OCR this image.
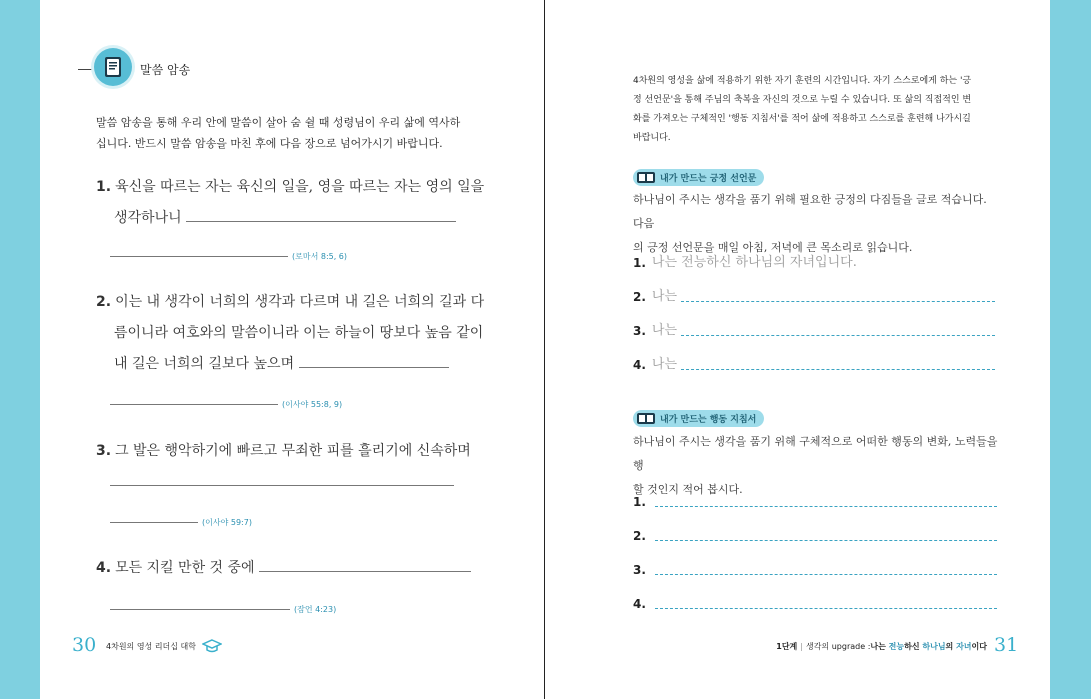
말씀 암송
말씀 암송을 통해 우리 안에 말씀이 살아 숨 쉴 때 성령님이 우리 삶에 역사하
십니다. 반드시 말씀 암송을 마친 후에 다음 장으로 넘어가시기 바랍니다.
1. 육신을 따르는 자는 육신의 일을, 영을 따르는 자는 영의 일을
생각하나니
(로마서 8:5, 6)
2. 이는 내 생각이 너희의 생각과 다르며 내 길은 너희의 길과 다
름이니라 여호와의 말씀이니라 이는 하늘이 땅보다 높음 같이
내 길은 너희의 길보다 높으며
(이사야 55:8, 9)
3. 그 발은 행악하기에 빠르고 무죄한 피를 흘리기에 신속하며
(이사야 59:7)
4. 모든 지킬 만한 것 중에
(잠언 4:23)
30 4차원의 영성 리더십 대학
4차원의 영성을 삶에 적용하기 위한 자기 훈련의 시간입니다. 자기 스스로에게 하는 '긍
정 선언문'을 통해 주님의 축복을 자신의 것으로 누릴 수 있습니다. 또 삶의 직접적인 변
화를 가져오는 구체적인 '행동 지침서'를 적어 삶에 적용하고 스스로를 훈련해 나가시길
바랍니다.
내가 만드는 긍정 선언문
하나님이 주시는 생각을 품기 위해 필요한 긍정의 다짐들을 글로 적습니다. 다음
의 긍정 선언문을 매일 아침, 저녁에 큰 목소리로 읽습니다.
1. 나는 전능하신 하나님의 자녀입니다.
2. 나는
3. 나는
4. 나는
내가 만드는 행동 지침서
하나님이 주시는 생각을 품기 위해 구체적으로 어떠한 행동의 변화, 노력들을 행
할 것인지 적어 봅시다.
1.
2.
3.
4.
1단계 | 생각의 upgrade :나는 전능하신 하나님의 자녀이다 31
